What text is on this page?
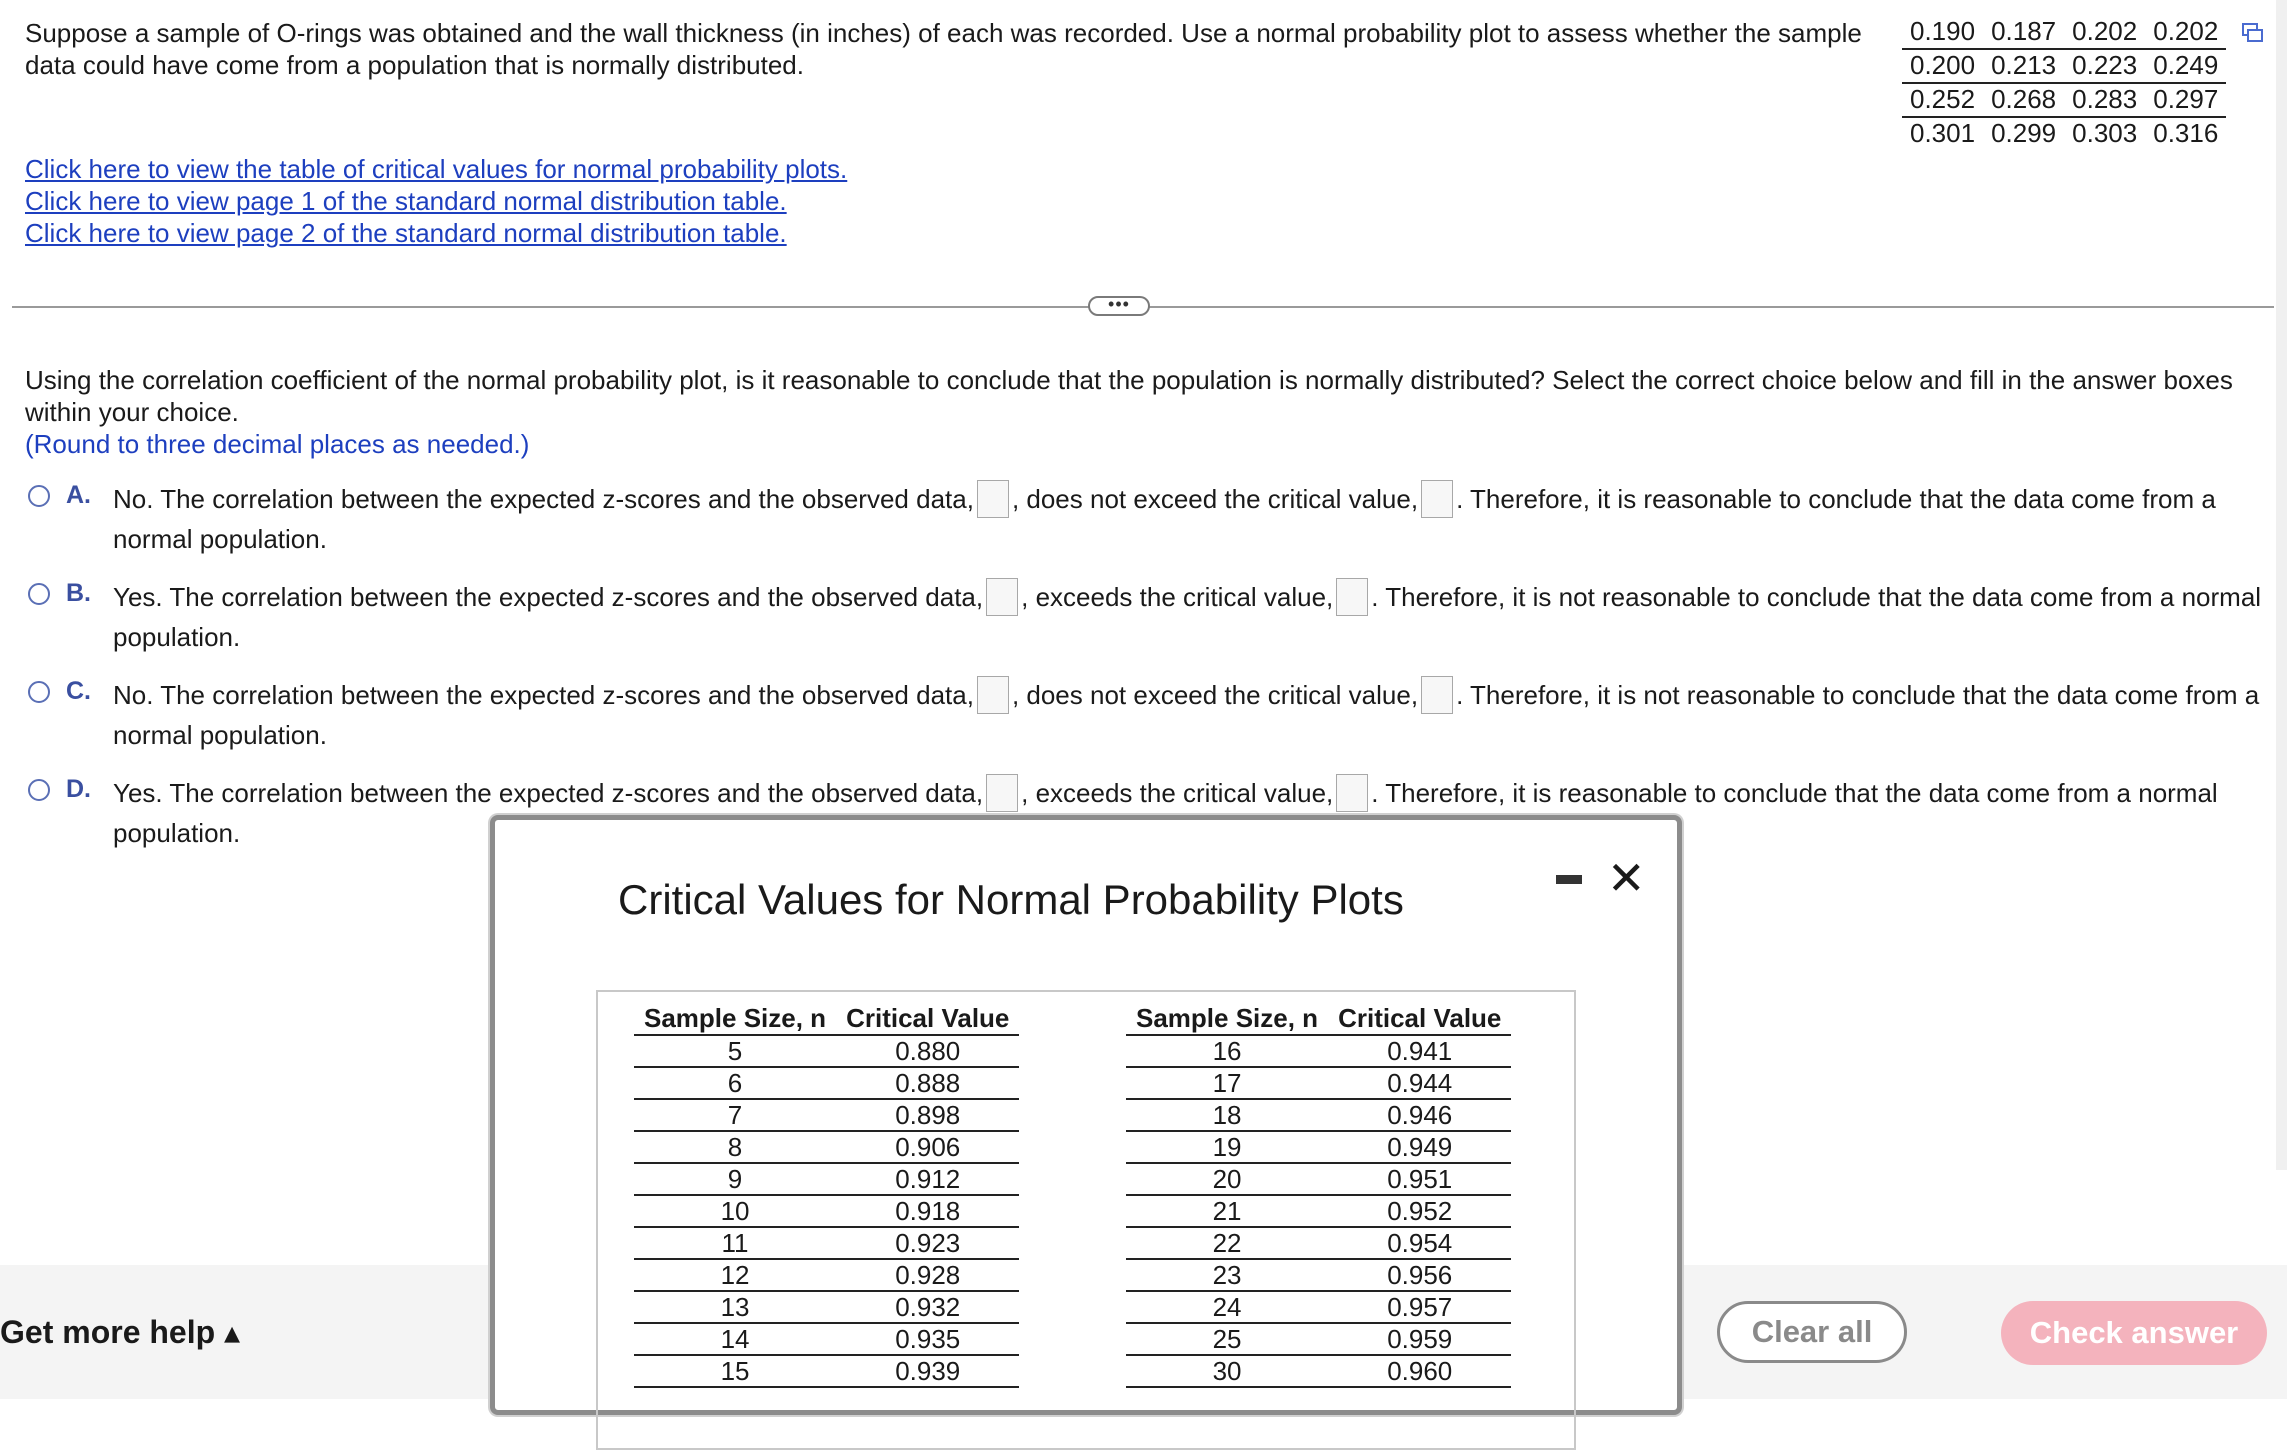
Suppose a sample of O-rings was obtained and the wall thickness (in inches) of each was recorded. Use a normal probability plot to assess whether the sample data could have come from a population that is normally distributed.
0.190	0.187	0.202	0.202
0.200	0.213	0.223	0.249
0.252	0.268	0.283	0.297
0.301	0.299	0.303	0.316
Click here to view the table of critical values for normal probability plots.
Click here to view page 1 of the standard normal distribution table.
Click here to view page 2 of the standard normal distribution table.
•••
Using the correlation coefficient of the normal probability plot, is it reasonable to conclude that the population is normally distributed? Select the correct choice below and fill in the answer boxes within your choice.
(Round to three decimal places as needed.)
A. No. The correlation between the expected z-scores and the observed data, , does not exceed the critical value, . Therefore, it is reasonable to conclude that the data come from a normal population.
B. Yes. The correlation between the expected z-scores and the observed data, , exceeds the critical value, . Therefore, it is not reasonable to conclude that the data come from a normal population.
C. No. The correlation between the expected z-scores and the observed data, , does not exceed the critical value, . Therefore, it is not reasonable to conclude that the data come from a normal population.
D. Yes. The correlation between the expected z-scores and the observed data, , exceeds the critical value, . Therefore, it is reasonable to conclude that the data come from a normal population.
Get more help ▴	Clear all	Check answer
Critical Values for Normal Probability Plots	✕
Sample Size, n	Critical Value
5	0.880
6	0.888
7	0.898
8	0.906
9	0.912
10	0.918
11	0.923
12	0.928
13	0.932
14	0.935
15	0.939
Sample Size, n	Critical Value
16	0.941
17	0.944
18	0.946
19	0.949
20	0.951
21	0.952
22	0.954
23	0.956
24	0.957
25	0.959
30	0.960
